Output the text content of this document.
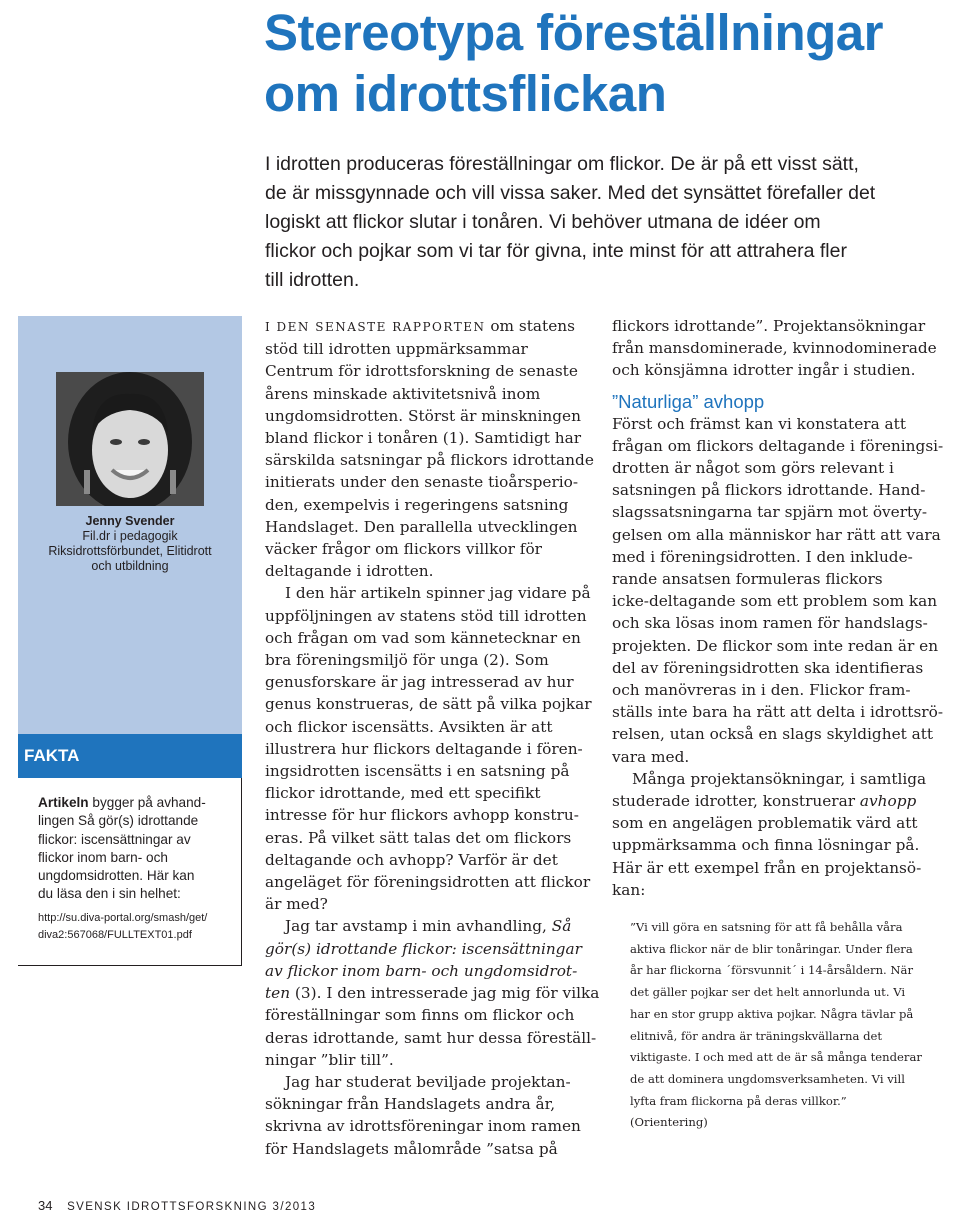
Stereotypa föreställningar
om idrottsflickan
I idrotten produceras föreställningar om flickor. De är på ett visst sätt,
de är missgynnade och vill vissa saker. Med det synsättet förefaller det
logiskt att flickor slutar i tonåren. Vi behöver utmana de idéer om
flickor och pojkar som vi tar för givna, inte minst för att attrahera fler
till idrotten.
Jenny Svender
Fil.dr i pedagogik
Riksidrottsförbundet, Elitidrott
och utbildning
FAKTA
Artikeln bygger på avhand-
lingen Så gör(s) idrottande
flickor: iscensättningar av
flickor inom barn- och
ungdomsidrotten. Här kan
du läsa den i sin helhet:
http://su.diva-portal.org/smash/get/
diva2:567068/FULLTEXT01.pdf
I DEN SENASTE RAPPORTEN om statens
stöd till idrotten uppmärksammar
Centrum för idrottsforskning de senaste
årens minskade aktivitetsnivå inom
ungdomsidrotten. Störst är minskningen
bland flickor i tonåren (1). Samtidigt har
särskilda satsningar på flickors idrottande
initierats under den senaste tioårsperio-
den, exempelvis i regeringens satsning
Handslaget. Den parallella utvecklingen
väcker frågor om flickors villkor för
deltagande i idrotten.
I den här artikeln spinner jag vidare på
uppföljningen av statens stöd till idrotten
och frågan om vad som kännetecknar en
bra föreningsmiljö för unga (2). Som
genusforskare är jag intresserad av hur
genus konstrueras, de sätt på vilka pojkar
och flickor iscensätts. Avsikten är att
illustrera hur flickors deltagande i fören-
ingsidrotten iscensätts i en satsning på
flickor idrottande, med ett specifikt
intresse för hur flickors avhopp konstru-
eras. På vilket sätt talas det om flickors
deltagande och avhopp? Varför är det
angeläget för föreningsidrotten att flickor
är med?
Jag tar avstamp i min avhandling, Så
gör(s) idrottande flickor: iscensättningar
av flickor inom barn- och ungdomsidrot-
ten (3). I den intresserade jag mig för vilka
föreställningar som finns om flickor och
deras idrottande, samt hur dessa föreställ-
ningar ”blir till”.
Jag har studerat beviljade projektan-
sökningar från Handslagets andra år,
skrivna av idrottsföreningar inom ramen
för Handslagets målområde ”satsa på
flickors idrottande”. Projektansökningar
från mansdominerade, kvinnodominerade
och könsjämna idrotter ingår i studien.
”Naturliga” avhopp
Först och främst kan vi konstatera att
frågan om flickors deltagande i föreningsi-
drotten är något som görs relevant i
satsningen på flickors idrottande. Hand-
slagssatsningarna tar spjärn mot överty-
gelsen om alla människor har rätt att vara
med i föreningsidrotten. I den inklude-
rande ansatsen formuleras flickors
icke-deltagande som ett problem som kan
och ska lösas inom ramen för handslags-
projekten. De flickor som inte redan är en
del av föreningsidrotten ska identifieras
och manövreras in i den. Flickor fram-
ställs inte bara ha rätt att delta i idrottsrö-
relsen, utan också en slags skyldighet att
vara med.
Många projektansökningar, i samtliga
studerade idrotter, konstruerar avhopp
som en angelägen problematik värd att
uppmärksamma och finna lösningar på.
Här är ett exempel från en projektansö-
kan:
”Vi vill göra en satsning för att få behålla våra
aktiva flickor när de blir tonåringar. Under flera
år har flickorna ´försvunnit´ i 14-årsåldern. När
det gäller pojkar ser det helt annorlunda ut. Vi
har en stor grupp aktiva pojkar. Några tävlar på
elitnivå, för andra är träningskvällarna det
viktigaste. I och med att de är så många tenderar
de att dominera ungdomsverksamheten. Vi vill
lyfta fram flickorna på deras villkor.”
(Orientering)
34 SVENSK IDROTTSFORSKNING 3/2013
